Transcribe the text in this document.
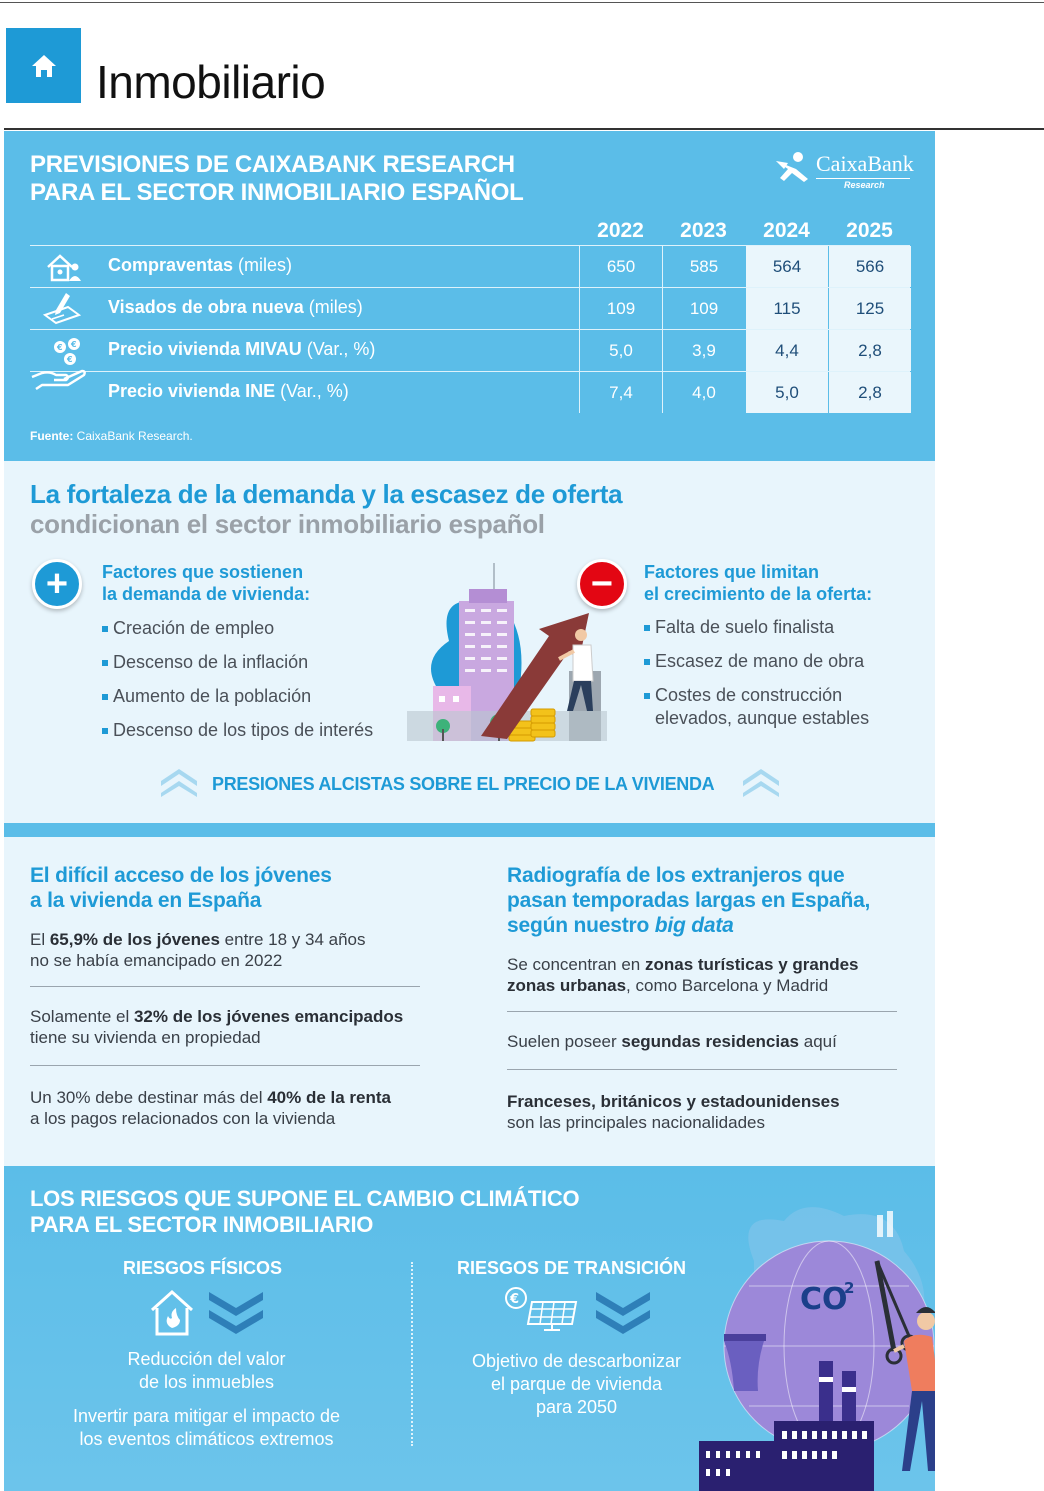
Inmobiliario
PREVISIONES DE CAIXABANK RESEARCH
PARA EL SECTOR INMOBILIARIO ESPAÑOL
CaixaBank
Research
2022	2023	2024	2025
€ €
€
Compraventas (miles)	650	585	564	566
Visados de obra nueva (miles)	109	109	115	125
Precio vivienda MIVAU (Var., %)	5,0	3,9	4,4	2,8
Precio vivienda INE (Var., %)	7,4	4,0	5,0	2,8
Fuente: CaixaBank Research.
La fortaleza de la demanda y la escasez de oferta
condicionan el sector inmobiliario español
+	Factores que sostienen
la demanda de vivienda:
Creación de empleo
Descenso de la inflación
Aumento de la población
Descenso de los tipos de interés
−	Factores que limitan
el crecimiento de la oferta:
Falta de suelo finalista
Escasez de mano de obra
Costes de construcción
elevados, aunque estables
PRESIONES ALCISTAS SOBRE EL PRECIO DE LA VIVIENDA
El difícil acceso de los jóvenes
a la vivienda en España
El 65,9% de los jóvenes entre 18 y 34 años
no se había emancipado en 2022
Solamente el 32% de los jóvenes emancipados
tiene su vivienda en propiedad
Un 30% debe destinar más del 40% de la renta
a los pagos relacionados con la vivienda
Radiografía de los extranjeros que
pasan temporadas largas en España,
según nuestro big data
Se concentran en zonas turísticas y grandes
zonas urbanas, como Barcelona y Madrid
Suelen poseer segundas residencias aquí
Franceses, británicos y estadounidenses
son las principales nacionalidades
LOS RIESGOS QUE SUPONE EL CAMBIO CLIMÁTICO
PARA EL SECTOR INMOBILIARIO
RIESGOS FÍSICOS
Reducción del valor
de los inmuebles
Invertir para mitigar el impacto de
los eventos climáticos extremos
RIESGOS DE TRANSICIÓN
€
Objetivo de descarbonizar
el parque de vivienda
para 2050
CO
2
